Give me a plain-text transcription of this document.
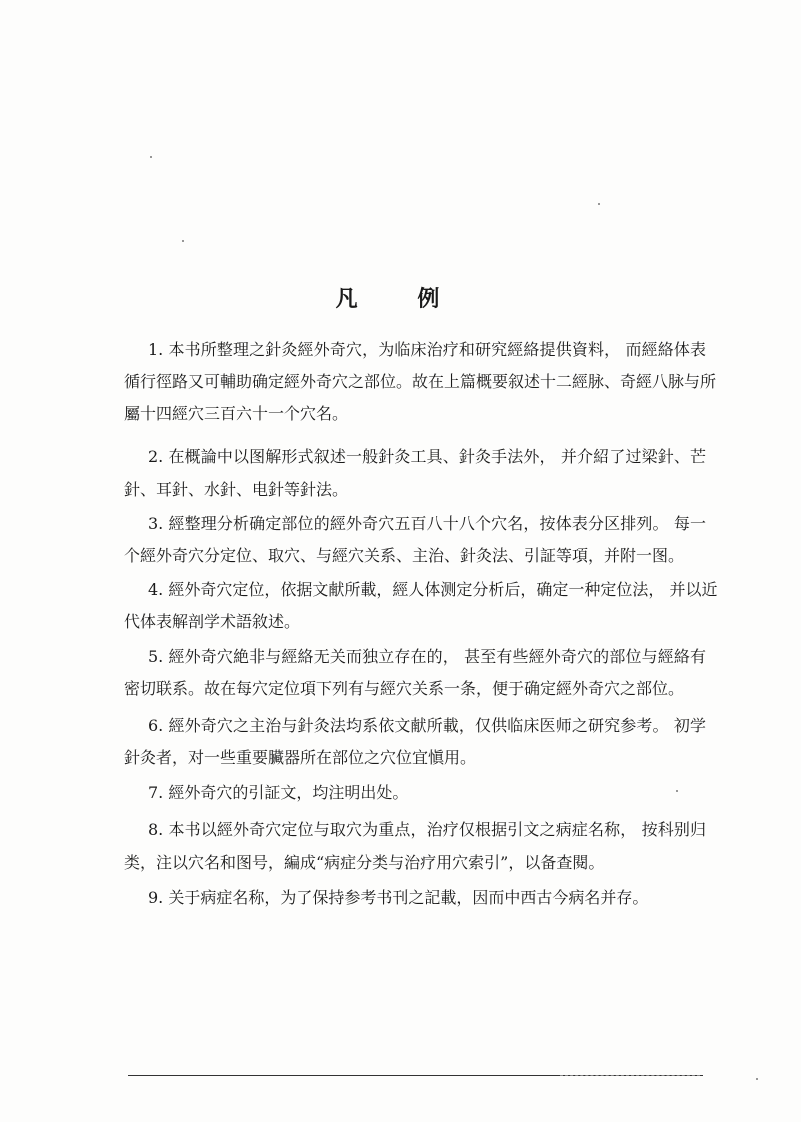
凡 例
1. 本书所整理之針灸經外奇穴，为临床治疗和研究經絡提供資料， 而經絡体表
循行徑路又可輔助确定經外奇穴之部位。故在上篇概要叙述十二經脉、奇經八脉与所
屬十四經穴三百六十一个穴名。
2. 在概論中以图解形式叙述一般針灸工具、針灸手法外， 并介紹了过梁針、芒
針、耳針、水針、电針等針法。
3. 經整理分析确定部位的經外奇穴五百八十八个穴名，按体表分区排列。 每一
个經外奇穴分定位、取穴、与經穴关系、主治、針灸法、引証等項，并附一图。
4. 經外奇穴定位，依据文献所載，經人体测定分析后，确定一种定位法， 并以近
代体表解剖学术語敘述。
5. 經外奇穴絶非与經絡无关而独立存在的， 甚至有些經外奇穴的部位与經絡有
密切联系。故在每穴定位項下列有与經穴关系一条，便于确定經外奇穴之部位。
6. 經外奇穴之主治与針灸法均系依文献所載，仅供临床医师之研究参考。 初学
針灸者，对一些重要臟器所在部位之穴位宜愼用。
7. 經外奇穴的引証文，均注明出处。
8. 本书以經外奇穴定位与取穴为重点，治疗仅根据引文之病症名称， 按科别归
类，注以穴名和图号，編成“病症分类与治疗用穴索引”，以备查閱。
9. 关于病症名称，为了保持参考书刊之記載，因而中西古今病名并存。
